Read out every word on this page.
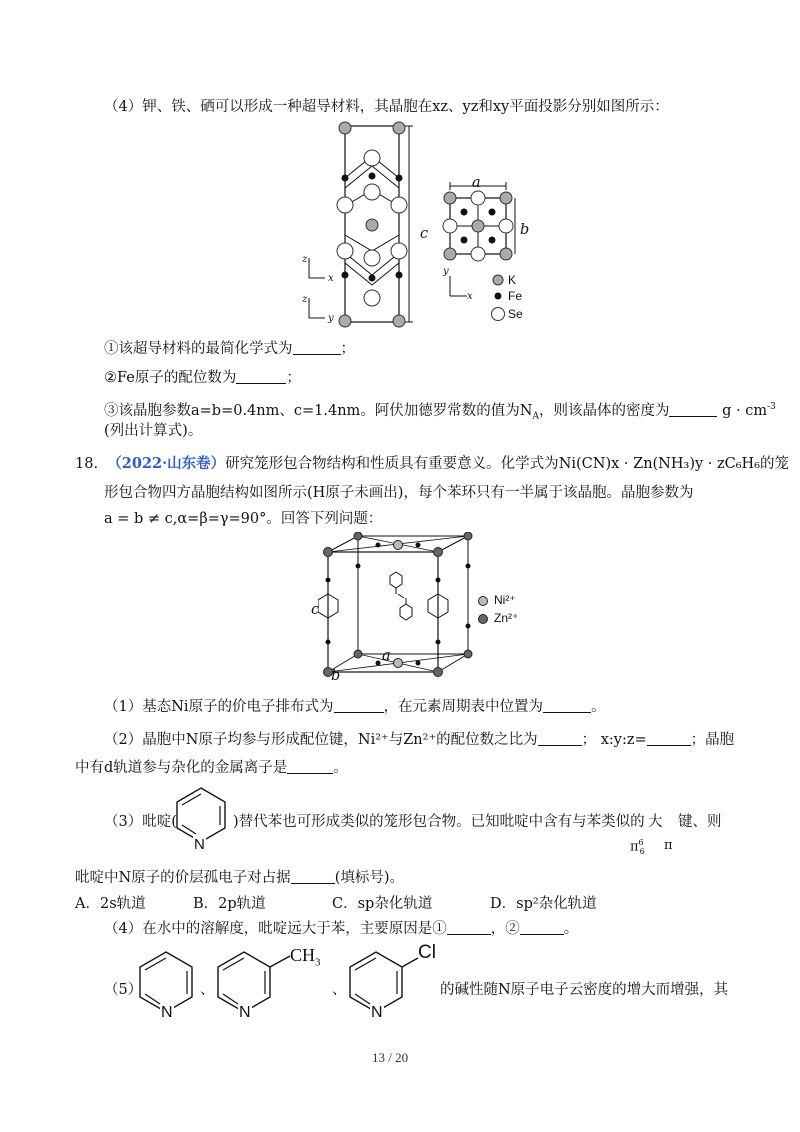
（4）钾、铁、硒可以形成一种超导材料，其晶胞在xz、yz和xy平面投影分别如图所示：
c
a
b
z
x
z
y
y
x
K
Fe
Se
①该超导材料的最简化学式为	；
②Fe原子的配位数为	；
③该晶胞参数a=b=0.4nm、c=1.4nm。阿伏加德罗常数的值为$N_A$，则该晶体的密度为	$g \cdot cm^{-3}$
(列出计算式)。
18. （2022·山东卷）研究笼形包合物结构和性质具有重要意义。化学式为Ni(CN)x · Zn(NH₃)y · zC₆H₆的笼
形包合物四方晶胞结构如图所示(H原子未画出)，每个苯环只有一半属于该晶胞。晶胞参数为
a = b ≠ c,α=β=γ=90°。回答下列问题：
Ni²⁺
Zn²⁺
c
a
b
（1）基态Ni原子的价电子排布式为	，在元素周期表中位置为	。
（2）晶胞中N原子均参与形成配位键，Ni²⁺与Zn²⁺的配位数之比为	； x:y:z=	；晶胞
中有d轨道参与杂化的金属离子是	。
（3）吡啶(
N
)替代苯也可形成类似的笼形包合物。已知吡啶中含有与苯类似的 大 键、则
$\pi^6_6$ π
吡啶中N原子的价层孤电子对占据	(填标号)。
A．2s轨道	B．2p轨道	C．sp杂化轨道	D．sp²杂化轨道
（4）在水中的溶解度，吡啶远大于苯，主要原因是①	，②	。
（5）
N
、
N
$CH_3$
、
N
Cl
的碱性随N原子电子云密度的增大而增强，其
13 / 20
